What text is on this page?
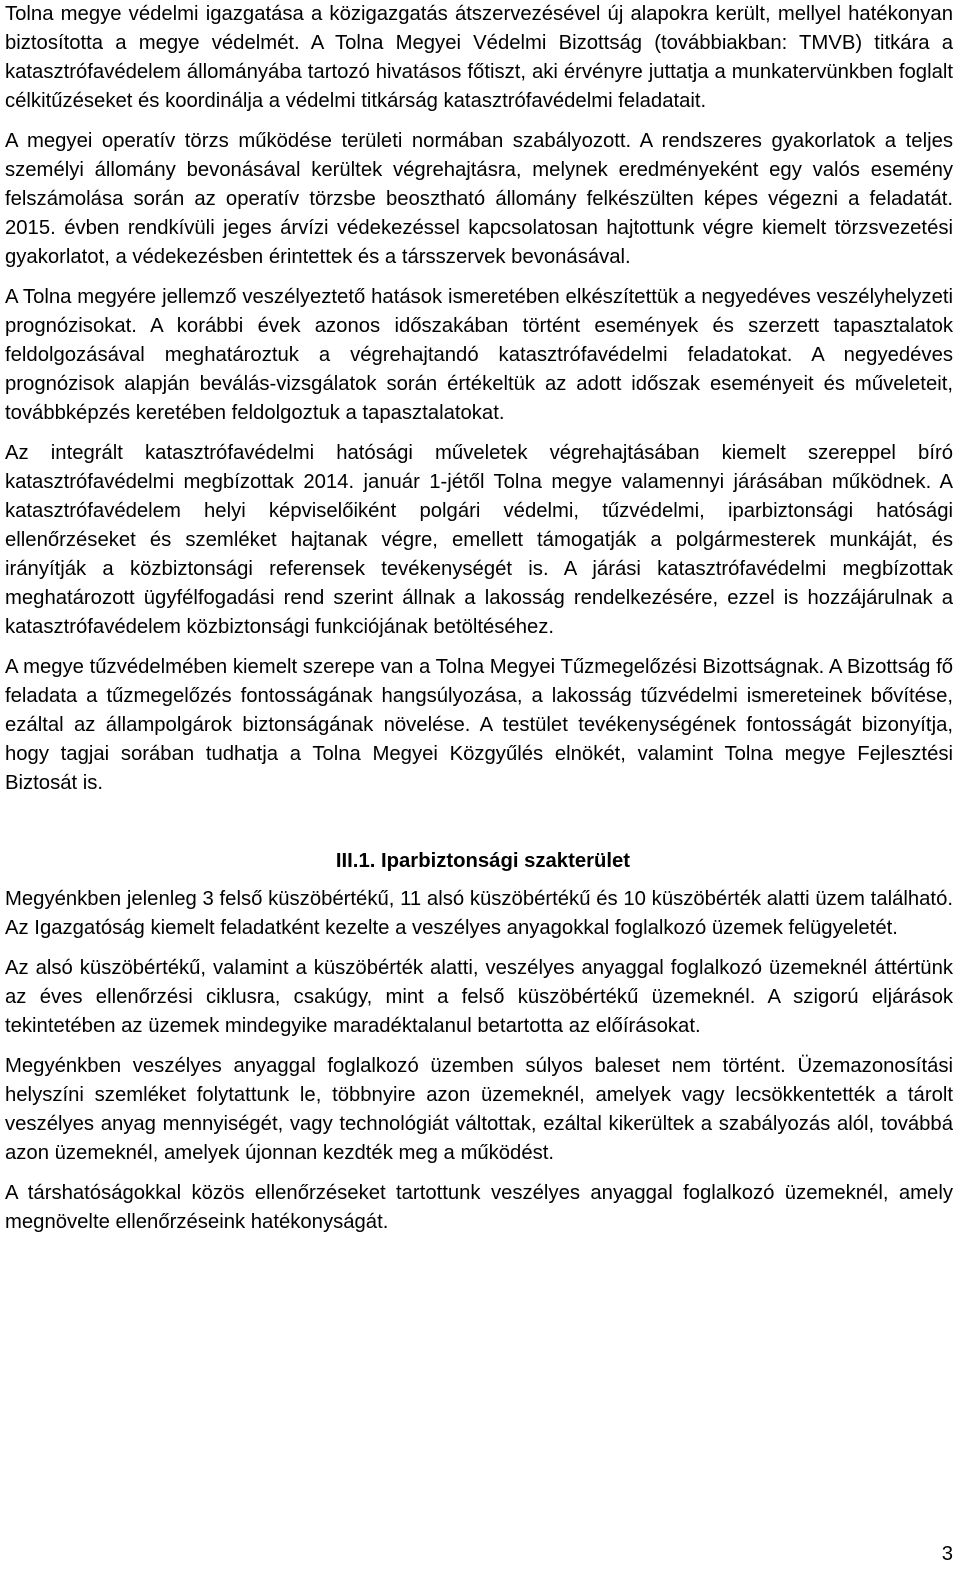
Tolna megye védelmi igazgatása a közigazgatás átszervezésével új alapokra került, mellyel hatékonyan biztosította a megye védelmét. A Tolna Megyei Védelmi Bizottság (továbbiakban: TMVB) titkára a katasztrófavédelem állományába tartozó hivatásos főtiszt, aki érvényre juttatja a munkatervünkben foglalt célkitűzéseket és koordinálja a védelmi titkárság katasztrófavédelmi feladatait.

A megyei operatív törzs működése területi normában szabályozott. A rendszeres gyakorlatok a teljes személyi állomány bevonásával kerültek végrehajtásra, melynek eredményeként egy valós esemény felszámolása során az operatív törzsbe beosztható állomány felkészülten képes végezni a feladatát. 2015. évben rendkívüli jeges árvízi védekezéssel kapcsolatosan hajtottunk végre kiemelt törzsvezetési gyakorlatot, a védekezésben érintettek és a társszervek bevonásával.

A Tolna megyére jellemző veszélyeztető hatások ismeretében elkészítettük a negyedéves veszélyhelyzeti prognózisokat. A korábbi évek azonos időszakában történt események és szerzett tapasztalatok feldolgozásával meghatároztuk a végrehajtandó katasztrófavédelmi feladatokat. A negyedéves prognózisok alapján beválás-vizsgálatok során értékeltük az adott időszak eseményeit és műveleteit, továbbképzés keretében feldolgoztuk a tapasztalatokat.

Az integrált katasztrófavédelmi hatósági műveletek végrehajtásában kiemelt szereppel bíró katasztrófavédelmi megbízottak 2014. január 1-jétől Tolna megye valamennyi járásában működnek. A katasztrófavédelem helyi képviselőiként polgári védelmi, tűzvédelmi, iparbiztonsági hatósági ellenőrzéseket és szemléket hajtanak végre, emellett támogatják a polgármesterek munkáját, és irányítják a közbiztonsági referensek tevékenységét is. A járási katasztrófavédelmi megbízottak meghatározott ügyfélfogadási rend szerint állnak a lakosság rendelkezésére, ezzel is hozzájárulnak a katasztrófavédelem közbiztonsági funkciójának betöltéséhez.

A megye tűzvédelmében kiemelt szerepe van a Tolna Megyei Tűzmegelőzési Bizottságnak. A Bizottság fő feladata a tűzmegelőzés fontosságának hangsúlyozása, a lakosság tűzvédelmi ismereteinek bővítése, ezáltal az állampolgárok biztonságának növelése. A testület tevékenységének fontosságát bizonyítja, hogy tagjai sorában tudhatja a Tolna Megyei Közgyűlés elnökét, valamint Tolna megye Fejlesztési Biztosát is.

III.1. Iparbiztonsági szakterület

Megyénkben jelenleg 3 felső küszöbértékű, 11 alsó küszöbértékű és 10 küszöbérték alatti üzem található. Az Igazgatóság kiemelt feladatként kezelte a veszélyes anyagokkal foglalkozó üzemek felügyeletét.

Az alsó küszöbértékű, valamint a küszöbérték alatti, veszélyes anyaggal foglalkozó üzemeknél áttértünk az éves ellenőrzési ciklusra, csakúgy, mint a felső küszöbértékű üzemeknél. A szigorú eljárások tekintetében az üzemek mindegyike maradéktalanul betartotta az előírásokat.

Megyénkben veszélyes anyaggal foglalkozó üzemben súlyos baleset nem történt. Üzemazonosítási helyszíni szemléket folytattunk le, többnyire azon üzemeknél, amelyek vagy lecsökkentették a tárolt veszélyes anyag mennyiségét, vagy technológiát váltottak, ezáltal kikerültek a szabályozás alól, továbbá azon üzemeknél, amelyek újonnan kezdték meg a működést.

A társhatóságokkal közös ellenőrzéseket tartottunk veszélyes anyaggal foglalkozó üzemeknél, amely megnövelte ellenőrzéseink hatékonyságát.

3
